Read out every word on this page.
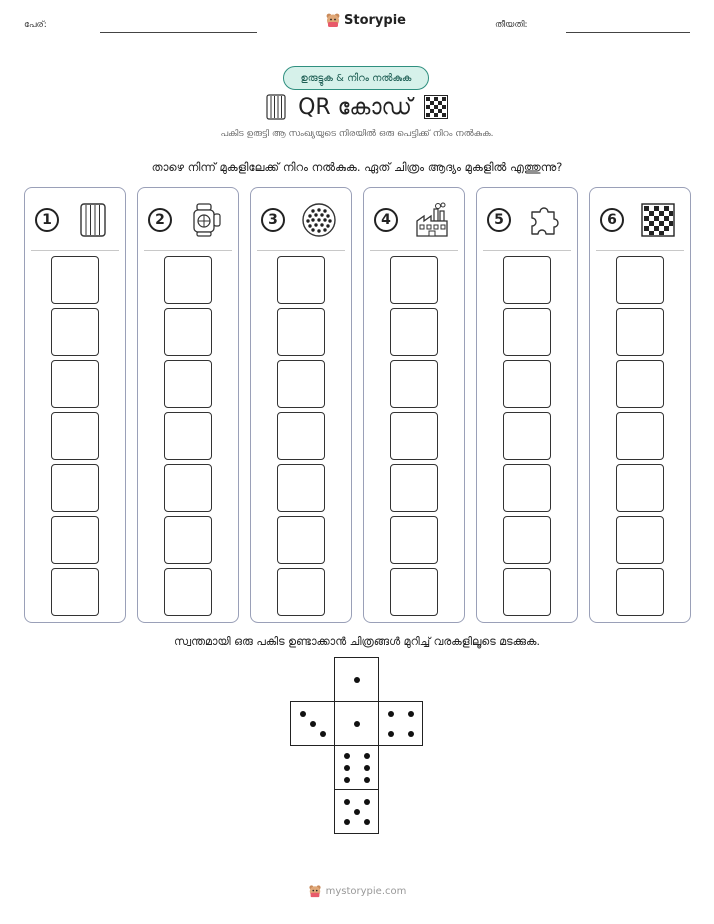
പേര്:	Storypie	തീയതി:
ഉരുട്ടുക & നിറം നൽകുക
QR കോഡ്
പകിട ഉരുട്ടി ആ സംഖ്യയുടെ നിരയിൽ ഒരു പെട്ടിക്ക് നിറം നൽകുക.
താഴെ നിന്ന് മുകളിലേക്ക് നിറം നൽകുക. ഏത് ചിത്രം ആദ്യം മുകളിൽ എത്തുന്നു?
1	2	3	4	5	6
സ്വന്തമായി ഒരു പകിട ഉണ്ടാക്കാൻ ചിത്രങ്ങൾ മുറിച്ച് വരകളിലൂടെ മടക്കുക.
mystorypie.com
